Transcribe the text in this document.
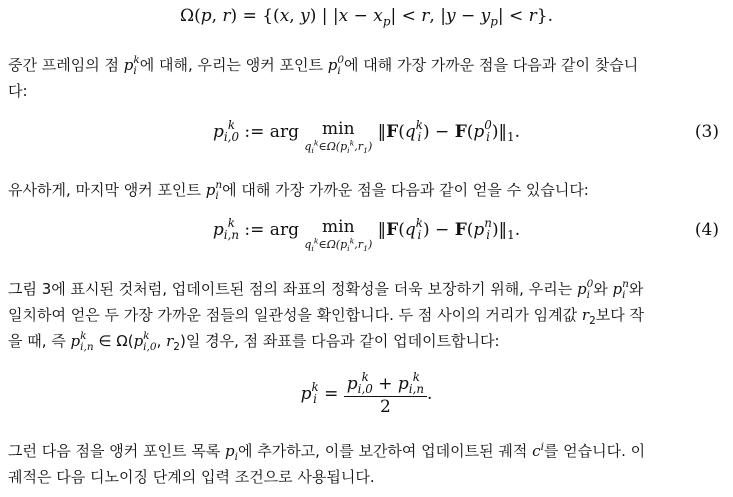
Ω(p, r) = {(x, y) | $|x - x_p| < r$, $|y - y_p| < r$}.
중간 프레임의 점 p k
i 에 대해, 우리는 앵커 포인트 p 0
i 에 대해 가장 가까운 점을 다음과 같이 찾습니
다:
p k
i,0 := arg min
$q_i^k\in\Omega(p_i^k,r_1)$
‖F(q k
i ) − F(p 0
i )$‖_1$.	(3)
유사하게, 마지막 앵커 포인트 p n
i 에 대해 가장 가까운 점을 다음과 같이 얻을 수 있습니다:
p k
i,n := arg min
$q_i^k\in\Omega(p_i^k,r_1)$
‖F(q k
i ) − F(p n
i )$‖_1$.	(4)
그림 3에 표시된 것처럼, 업데이트된 점의 좌표의 정확성을 더욱 보장하기 위해, 우리는 p 0
i 와 p n
i 와
일치하여 얻은 두 가장 가까운 점들의 일관성을 확인합니다. 두 점 사이의 거리가 임계값 $r_2$보다 작
을 때, 즉 p k
i,n ∈ Ω(p k
i,0 , $r_2$)일 경우, 점 좌표를 다음과 같이 업데이트합니다:
p k
i = p k
i,0 + p k
i,n
2 .
그런 다음 점을 앵커 포인트 목록 $p_i$에 추가하고, 이를 보간하여 업데이트된 궤적 $c^i$를 얻습니다. 이
궤적은 다음 디노이징 단계의 입력 조건으로 사용됩니다.
